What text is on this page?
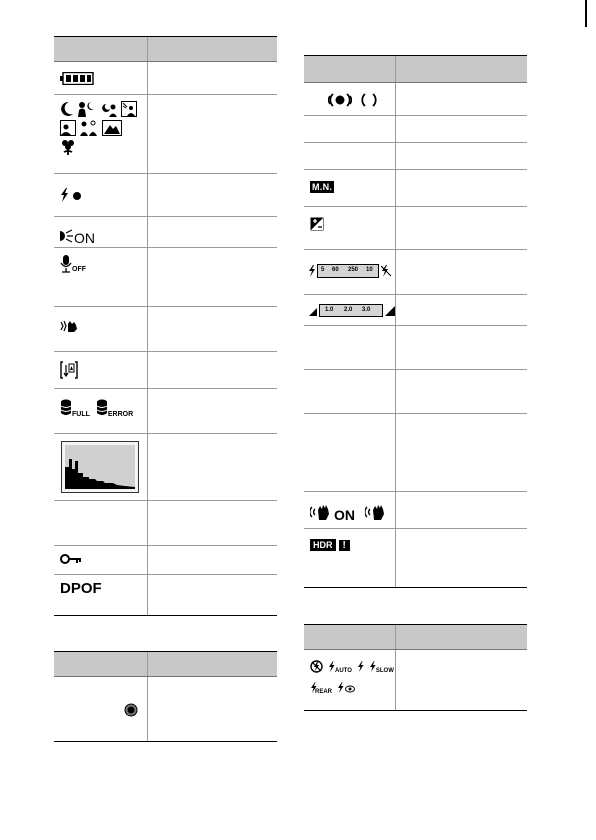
ON
OFF
FULL	ERROR
DPOF
M.N.
5 60 250 10
1.0 2.0 3.0
ON
HDR !
AUTO	SLOW
REAR
